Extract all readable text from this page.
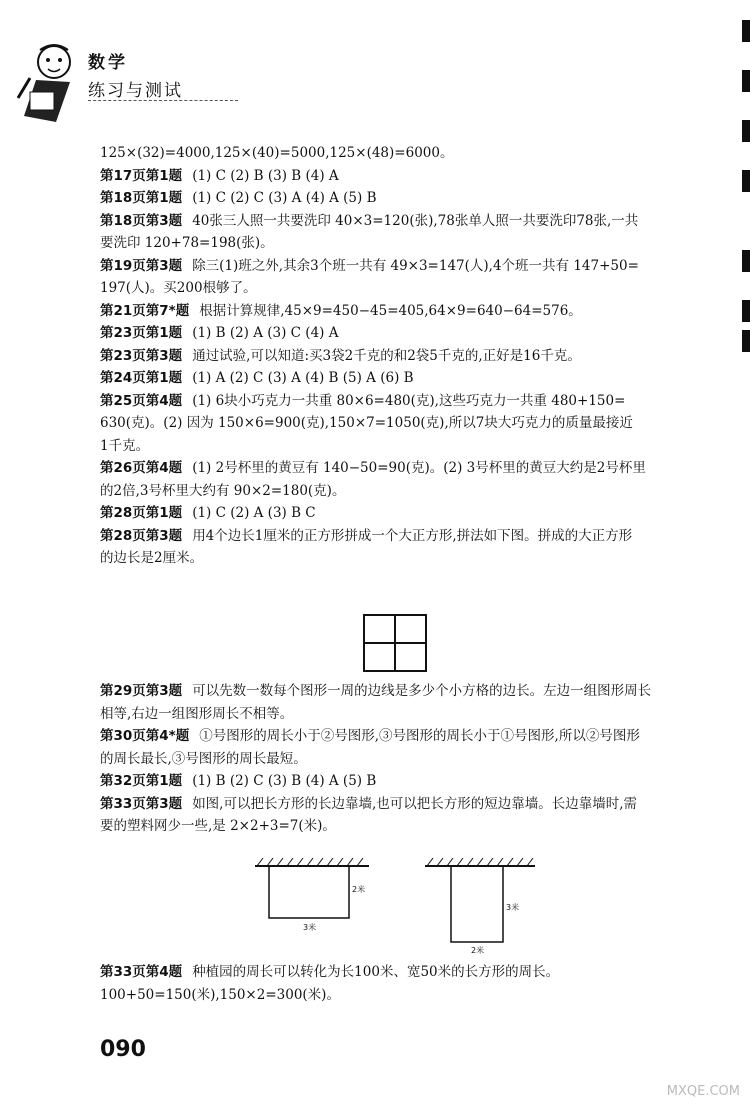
数学
练习与测试
125×(32)=4000,125×(40)=5000,125×(48)=6000。
第17页第1题 (1) C (2) B (3) B (4) A
第18页第1题 (1) C (2) C (3) A (4) A (5) B
第18页第3题 40张三人照一共要洗印 40×3=120(张),78张单人照一共要洗印78张,一共
要洗印 120+78=198(张)。
第19页第3题 除三(1)班之外,其余3个班一共有 49×3=147(人),4个班一共有 147+50=
197(人)。买200根够了。
第21页第7*题 根据计算规律,45×9=450−45=405,64×9=640−64=576。
第23页第1题 (1) B (2) A (3) C (4) A
第23页第3题 通过试验,可以知道:买3袋2千克的和2袋5千克的,正好是16千克。
第24页第1题 (1) A (2) C (3) A (4) B (5) A (6) B
第25页第4题 (1) 6块小巧克力一共重 80×6=480(克),这些巧克力一共重 480+150=
630(克)。(2) 因为 150×6=900(克),150×7=1050(克),所以7块大巧克力的质量最接近
1千克。
第26页第4题 (1) 2号杯里的黄豆有 140−50=90(克)。(2) 3号杯里的黄豆大约是2号杯里
的2倍,3号杯里大约有 90×2=180(克)。
第28页第1题 (1) C (2) A (3) B C
第28页第3题 用4个边长1厘米的正方形拼成一个大正方形,拼法如下图。拼成的大正方形
的边长是2厘米。
第29页第3题 可以先数一数每个图形一周的边线是多少个小方格的边长。左边一组图形周长
相等,右边一组图形周长不相等。
第30页第4*题 ①号图形的周长小于②号图形,③号图形的周长小于①号图形,所以②号图形
的周长最长,③号图形的周长最短。
第32页第1题 (1) B (2) C (3) B (4) A (5) B
第33页第3题 如图,可以把长方形的长边靠墙,也可以把长方形的短边靠墙。长边靠墙时,需
要的塑料网少一些,是 2×2+3=7(米)。
2米
3米
3米
2米
第33页第4题 种植园的周长可以转化为长100米、宽50米的长方形的周长。
100+50=150(米),150×2=300(米)。
090
MXQE.COM
